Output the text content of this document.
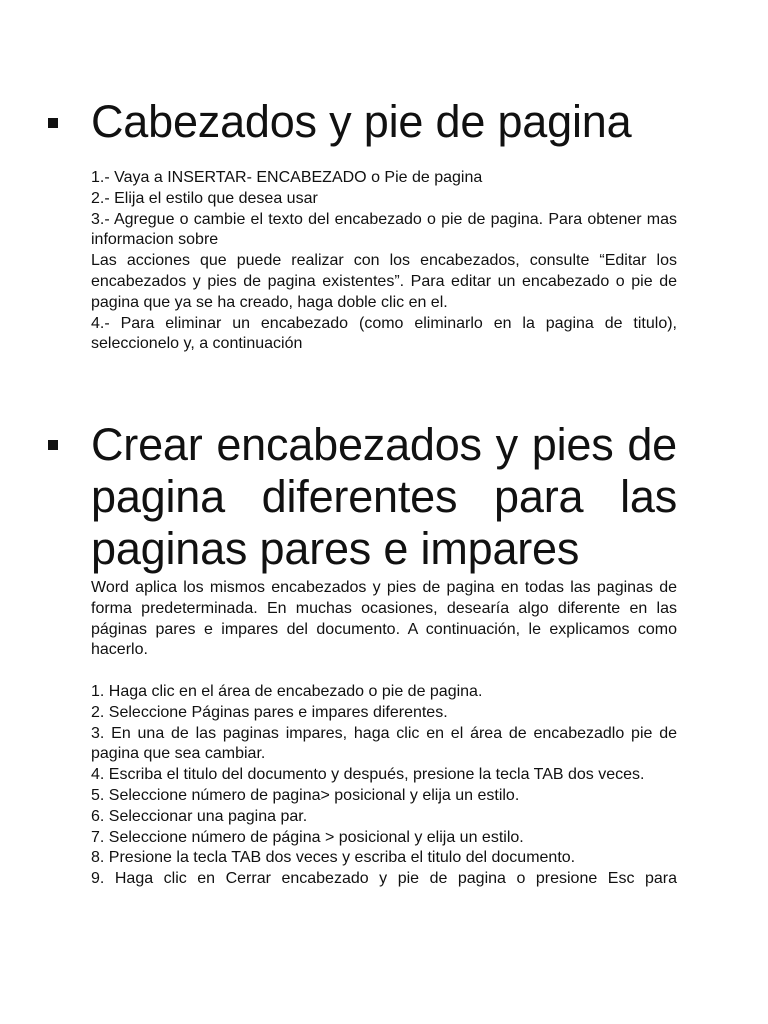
Cabezados y pie de pagina

1.- Vaya a INSERTAR- ENCABEZADO o Pie de pagina

2.- Elija el estilo que desea usar

3.- Agregue o cambie el texto del encabezado o pie de pagina. Para obtener mas informacion sobre

Las acciones que puede realizar con los encabezados, consulte “Editar los encabezados y pies de pagina existentes”. Para editar un encabezado o pie de pagina que ya se ha creado, haga doble clic en el.

4.- Para eliminar un encabezado (como eliminarlo en la pagina de titulo), seleccionelo y, a continuación

Crear encabezados y pies de pagina diferentes para las paginas pares e impares

Word aplica los mismos encabezados y pies de pagina en todas las paginas de forma predeterminada. En muchas ocasiones, desearía algo diferente en las páginas pares e impares del documento. A continuación, le explicamos como hacerlo.

1. Haga clic en el área de encabezado o pie de pagina.

2. Seleccione Páginas pares e impares diferentes.

3. En una de las paginas impares, haga clic en el área de encabezadlo pie de pagina que sea cambiar.

4. Escriba el titulo del documento y después, presione la tecla TAB dos veces.

5. Seleccione número de pagina> posicional y elija un estilo.

6. Seleccionar una pagina par.

7. Seleccione número de página > posicional y elija un estilo.

8. Presione la tecla TAB dos veces y escriba el titulo del documento.

9. Haga clic en Cerrar encabezado y pie de pagina o presione Esc para
